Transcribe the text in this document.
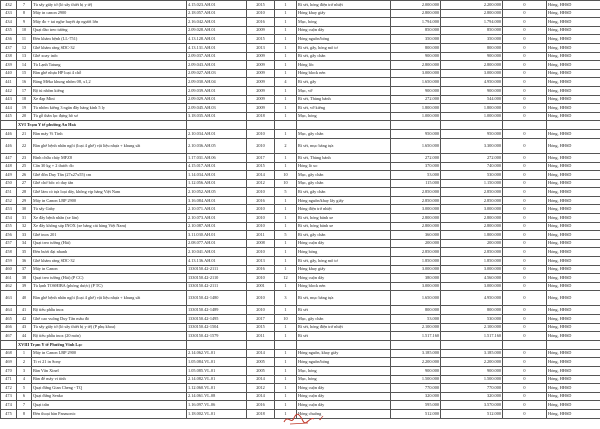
432	7	Tủ sấy giấy tờ (lò sấy thiết bị y tế)	4.15.023.AH.01	2015	1	Rỉ sét, hỏng điện trở nhiệt	2.000.000	2.200.000	0	Hỏng, HHSD
433	8	Máy in canon 2900	2.18.057.AH.01	2010	1	Hỏng khay giấy	2.800.000	2.800.000	0	Hỏng, HHSD
434	9	Máy đo + tai nghe huyết áp người lớn	2.16.042.AH.01	2016	1	Mục, hỏng	1.794.000	1.794.000	0	Hỏng, HHSD
435	10	Quạt đảo treo tường	2.09.028.AH.01	2009	1	Hỏng cuộn dây	850.000	850.000	0	Hỏng, HHSD
436	11	Đèn khám bệnh (LL-751)	4.13.128.AH.01	2015	1	Hỏng nguồn/bóng	350.000	350.000	0	Hỏng, HHSD
437	12	Ghế khám răng SDC-32	4.13.131.AH.01	2013	1	Rỉ sét, gãy, hỏng mô tơ	800.000	800.000	0	Hỏng, HHSD
438	13	Ghế xoay inốc	2.09.037.AH.01	2009	1	Rỉ sét, gãy chân	900.000	900.000	0	Hỏng, HHSD
439	14	Tủ Lạnh Tatung	2.09.043.AH.01	2009	1	Hỏng lốc	2.800.000	2.800.000	0	Hỏng, HHSD
440	15	Bàn ghế nhựa HP loại 4 chỗ	2.09.027.AH.03	2009	1	Hỏng block nén	3.000.000	3.000.000	0	Hỏng, HHSD
441	16	Bảng Mêka khung nhôm 08, x1,2	2.09.030.AH.04	2009	4	Rỉ sét, gãy	1.650.000	4.950.000	0	Hỏng, HHSD
442	17	Bộ tủ nhôm kiếng	2.09.039.AH.01	2009	1	Mục, vỡ	900.000	900.000	0	Hỏng, HHSD
443	18	Xe đạp Mini	2.09.029.AH.01	2009	1	Rỉ sét, Thủng bánh	272.000	544.000	0	Hỏng, HHSD
444	19	Tủ nhôm kiếng 3 ngăn đầy hàng kính 5 ly	2.09.045.AH.03	2009	1	Rỉ sét, vỡ kiếng	1.800.000	1.800.000	0	Hỏng, HHSD
445	20	Tủ gỗ thân lạc đựng hồ sơ	3.18.035.AH.01	2018	1	Mục, hỏng	1.000.000	1.000.000	0	Hỏng, HHSD
	XVI Trạm Y tế phường An Hoà									
446	21	Bàn máy Vi Tính	2.10.034.AH.01	2010	1	Mục, gãy chân	950.000	950.000	0	Hỏng, HHSD
446	22	Bàn ghế bệnh nhân ngồi (loại 4 ghế) vật liệu nhựa + khung sắt	2.10.036.AH.05	2010	2	Rỉ sét, mục băng tựa	1.650.000	3.300.000	0	Hỏng, HHSD
447	23	Bình chữa cháy MFZ8	1.17.031.AH.06	2017	1	Rỉ sét, Thủng bánh	272.000	272.000	0	Hỏng, HHSD
448	25	Cân 30 kg + 2 thước đo	4.15.017.AH.01	2015	1	Hỏng lò xo	370.000	740.000	0	Hỏng, HHSD
449	26	Ghế đôn Duy Tân (27x27x55) cm	1.14.034.AH.01	2014	10	Mục, gãy chân	53.000	530.000	0	Hỏng, HHSD
450	27	Ghế chờ bốc rỏ duy tân	1.12.056.AH.01	2012	10	Mục, gãy chân	115.000	1.150.000	0	Hỏng, HHSD
451	28	Ghế làm cỏ tựa loại dây, không vịp hàng Việt Nam	2.10.052.AH.05	2010	5	Rỉ sét, gãy chân	2.850.000	2.850.000	0	Hỏng, HHSD
452	29	Máy in Canon LBP 2900	3.16.084.AH.01	2016	1	Hỏng nguồn/khay lấy giấy	2.850.000	2.850.000	0	Hỏng, HHSD
453	30	Tủ sấy Gaby	2.10.071.AH.01	2010	1	Hỏng điện trở nhiệt	3.000.000	3.000.000	0	Hỏng, HHSD
454	31	Xe đẩy bệnh nhân (xe lăn)	2.10.073.AH.01	2010	1	Rỉ sét, hỏng bánh xe	2.800.000	2.800.000	0	Hỏng, HHSD
455	32	Xe đẩy không sáp INOX (xe băng cát hàng Việt Nam)	2.10.087.AH.01	2010	1	Rỉ sét, hỏng bánh xe	2.800.000	2.800.000	0	Hỏng, HHSD
456	33	Ghế inox 201	3.11.030.AH.01	2011	5	Rỉ sét, gãy chân	360.000	1.800.000	0	Hỏng, HHSD
457	34	Quạt treo tường (Hải)	2.08.077.AH.01	2008	1	Hỏng cuộn dây	200.000	200.000	0	Hỏng, HHSD
458	35	Đèn bươi đại nhanh	2.10.041.AH.01	2010	1	Hỏng bóng	2.850.000	2.850.000	0	Hỏng, HHSD
459	36	Ghế khám răng SDC-32	4.13.136.AH.01	2013	1	Rỉ sét, gãy, hỏng mô tơ	1.850.000	1.850.000	0	Hỏng, HHSD
460	37	Máy in Canon	1330150.42-2111	2016	1	Hỏng khay giấy	3.000.000	3.000.000	0	Hỏng, HHSD
461	38	Quạt treo tường (Hải) (P CC)	1330150.42-2110	2010	12	Hỏng cuộn dây	380.000	4.560.000	0	Hỏng, HHSD
462	39	Tủ lạnh TOSHIBA (phòng dược) (P TC)	1330150.42-2111	2001	1	Hỏng block nén	3.000.000	3.000.000	0	Hỏng, HHSD
463	40	Bàn ghế bệnh nhân ngồi (loại 4 ghế) vật liệu nhựa + khung sắt	1330150.42-1480	2010	3	Rỉ sét, mục băng tựa	1.650.000	4.950.000	0	Hỏng, HHSD
464	41	Bộ tiểu phẫu inox	1330150.42-1489	2010	1	Rỉ sét	800.000	800.000	0	Hỏng, HHSD
465	42	Ghế cao vuông Duy Tân mâu đỏ	1330150.42-1495	2017	10	Mục, gãy chân	53.000	530.000	0	Hỏng, HHSD
466	43	Tủ sấy giấy tờ (lò sấy thiết bị y tế) (P phụ khoa)	1330150.42-1504	2015	1	Rỉ sét, hỏng điện trở nhiệt	2.100.000	2.100.000	0	Hỏng, HHSD
467	44	Bộ tiểu phẫu inox (20 món)	1330150.42-1579	2011	1	Rỉ sét	1.517.160	1.517.160	0	Hỏng, HHSD
	XVIII Trạm Y tế Phường Vĩnh Lạc									
468	1	Máy in Canon LBP 2900	2.14.062.VL.01	2014	1	Hỏng nguồn, khay giấy	3.185.000	3.185.000	0	Hỏng, HHSD
469	2	Ti vi 21 in Sony	1.05.084.VL.01	2005	1	Hỏng nguồn/bóng	2.200.000	2.200.000	0	Hỏng, HHSD
470	3	Bàn Vân Xinel	1.05.085.VL.01	2005	1	Mục, hỏng	900.000	900.000	0	Hỏng, HHSD
471	4	Bàn để máy vi tính	2.14.082.VL.01	2014	1	Mục, hỏng	1.500.000	1.500.000	0	Hỏng, HHSD
472	5	Quạt đứng Gian Cheng - TQ	1.12.060.VL.01	2012	1	Hỏng cuộn dây	770.000	770.000	0	Hỏng, HHSD
473	6	Quạt đứng Senko	2.14.061.VL.08	2014	1	Hỏng cuộn dây	320.000	320.000	0	Hỏng, HHSD
474	7	Quạt trần	1.16.097.VL.06	2016	1	Hỏng cuộn dây	595.000	3.570.000	0	Hỏng, HHSD
475	8	Đèn thoại bàn Panasonic	1.18.002.VL.01	2018	1	Hỏng chuông	512.000	512.000	0	Hỏng, HHSD
✓
